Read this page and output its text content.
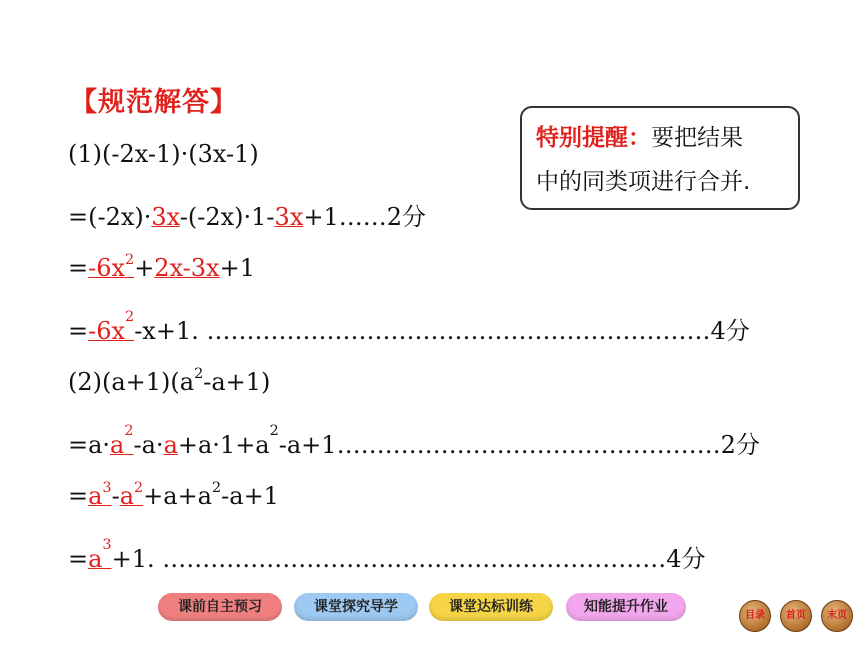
【规范解答】
特别提醒：要把结果
中的同类项进行合并.
(1)(-2x-1)·(3x-1)
=(-2x)·3x-(-2x)·1-3x+1……2分
$=-6x^2+2x-3x+1$
$=-6x^2-x+1$. ………………………………………………………4分
$(2)(a+1)(a^2-a+1)$
$=a\cdot a^2-a\cdot a+a\cdot 1+a^2-a+1\dots\dots\dots\dots\dots\dots\dots\dots\dots\dots\dots\dots\dots\dots\dots\dots 2$分
$=a^3-a^2+a+a^2-a+1$
$=a^3+1$. ………………………………………………………4分
课前自主预习	课堂探究导学	课堂达标训练	知能提升作业
目录	首页	末页
